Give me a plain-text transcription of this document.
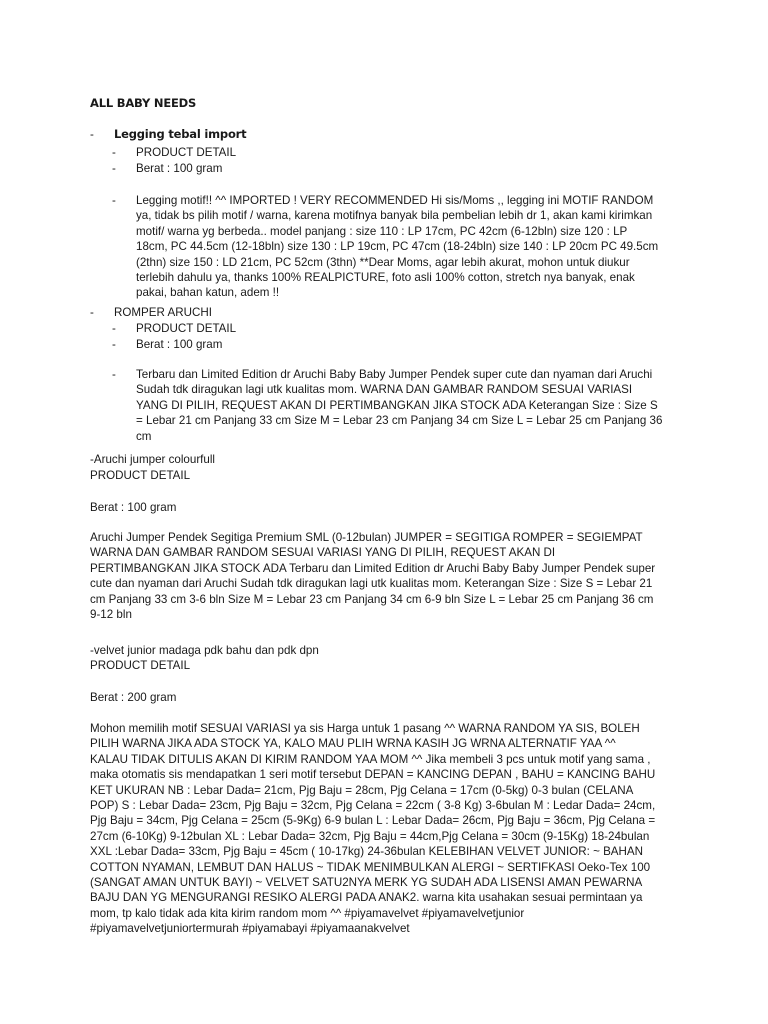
ALL BABY NEEDS
-	Legging tebal import
-	PRODUCT DETAIL
-	Berat : 100 gram
-	Legging motif!! ^^ IMPORTED ! VERY RECOMMENDED Hi sis/Moms ,, legging ini MOTIF RANDOM
ya, tidak bs pilih motif / warna, karena motifnya banyak bila pembelian lebih dr 1, akan kami kirimkan
motif/ warna yg berbeda.. model panjang : size 110 : LP 17cm, PC 42cm (6-12bln) size 120 : LP
18cm, PC 44.5cm (12-18bln) size 130 : LP 19cm, PC 47cm (18-24bln) size 140 : LP 20cm PC 49.5cm
(2thn) size 150 : LD 21cm, PC 52cm (3thn) **Dear Moms, agar lebih akurat, mohon untuk diukur
terlebih dahulu ya, thanks 100% REALPICTURE, foto asli 100% cotton, stretch nya banyak, enak
pakai, bahan katun, adem !!
-	ROMPER ARUCHI
-	PRODUCT DETAIL
-	Berat : 100 gram
-	Terbaru dan Limited Edition dr Aruchi Baby Baby Jumper Pendek super cute dan nyaman dari Aruchi
Sudah tdk diragukan lagi utk kualitas mom. WARNA DAN GAMBAR RANDOM SESUAI VARIASI
YANG DI PILIH, REQUEST AKAN DI PERTIMBANGKAN JIKA STOCK ADA Keterangan Size : Size S
= Lebar 21 cm Panjang 33 cm Size M = Lebar 23 cm Panjang 34 cm Size L = Lebar 25 cm Panjang 36
cm
-Aruchi jumper colourfull
PRODUCT DETAIL
Berat : 100 gram
Aruchi Jumper Pendek Segitiga Premium SML (0-12bulan) JUMPER = SEGITIGA ROMPER = SEGIEMPAT
WARNA DAN GAMBAR RANDOM SESUAI VARIASI YANG DI PILIH, REQUEST AKAN DI
PERTIMBANGKAN JIKA STOCK ADA Terbaru dan Limited Edition dr Aruchi Baby Baby Jumper Pendek super
cute dan nyaman dari Aruchi Sudah tdk diragukan lagi utk kualitas mom. Keterangan Size : Size S = Lebar 21
cm Panjang 33 cm 3-6 bln Size M = Lebar 23 cm Panjang 34 cm 6-9 bln Size L = Lebar 25 cm Panjang 36 cm
9-12 bln
-velvet junior madaga pdk bahu dan pdk dpn
PRODUCT DETAIL
Berat : 200 gram
Mohon memilih motif SESUAI VARIASI ya sis Harga untuk 1 pasang ^^ WARNA RANDOM YA SIS, BOLEH
PILIH WARNA JIKA ADA STOCK YA, KALO MAU PLIH WRNA KASIH JG WRNA ALTERNATIF YAA ^^
KALAU TIDAK DITULIS AKAN DI KIRIM RANDOM YAA MOM ^^ Jika membeli 3 pcs untuk motif yang sama ,
maka otomatis sis mendapatkan 1 seri motif tersebut DEPAN = KANCING DEPAN , BAHU = KANCING BAHU
KET UKURAN NB : Lebar Dada= 21cm, Pjg Baju = 28cm, Pjg Celana = 17cm (0-5kg) 0-3 bulan (CELANA
POP) S : Lebar Dada= 23cm, Pjg Baju = 32cm, Pjg Celana = 22cm ( 3-8 Kg) 3-6bulan M : Ledar Dada= 24cm,
Pjg Baju = 34cm, Pjg Celana = 25cm (5-9Kg) 6-9 bulan L : Lebar Dada= 26cm, Pjg Baju = 36cm, Pjg Celana =
27cm (6-10Kg) 9-12bulan XL : Lebar Dada= 32cm, Pjg Baju = 44cm,Pjg Celana = 30cm (9-15Kg) 18-24bulan
XXL :Lebar Dada= 33cm, Pjg Baju = 45cm ( 10-17kg) 24-36bulan KELEBIHAN VELVET JUNIOR: ~ BAHAN
COTTON NYAMAN, LEMBUT DAN HALUS ~ TIDAK MENIMBULKAN ALERGI ~ SERTIFKASI Oeko-Tex 100
(SANGAT AMAN UNTUK BAYI) ~ VELVET SATU2NYA MERK YG SUDAH ADA LISENSI AMAN PEWARNA
BAJU DAN YG MENGURANGI RESIKO ALERGI PADA ANAK2. warna kita usahakan sesuai permintaan ya
mom, tp kalo tidak ada kita kirim random mom ^^ #piyamavelvet #piyamavelvetjunior
#piyamavelvetjuniortermurah #piyamabayi #piyamaanakvelvet
